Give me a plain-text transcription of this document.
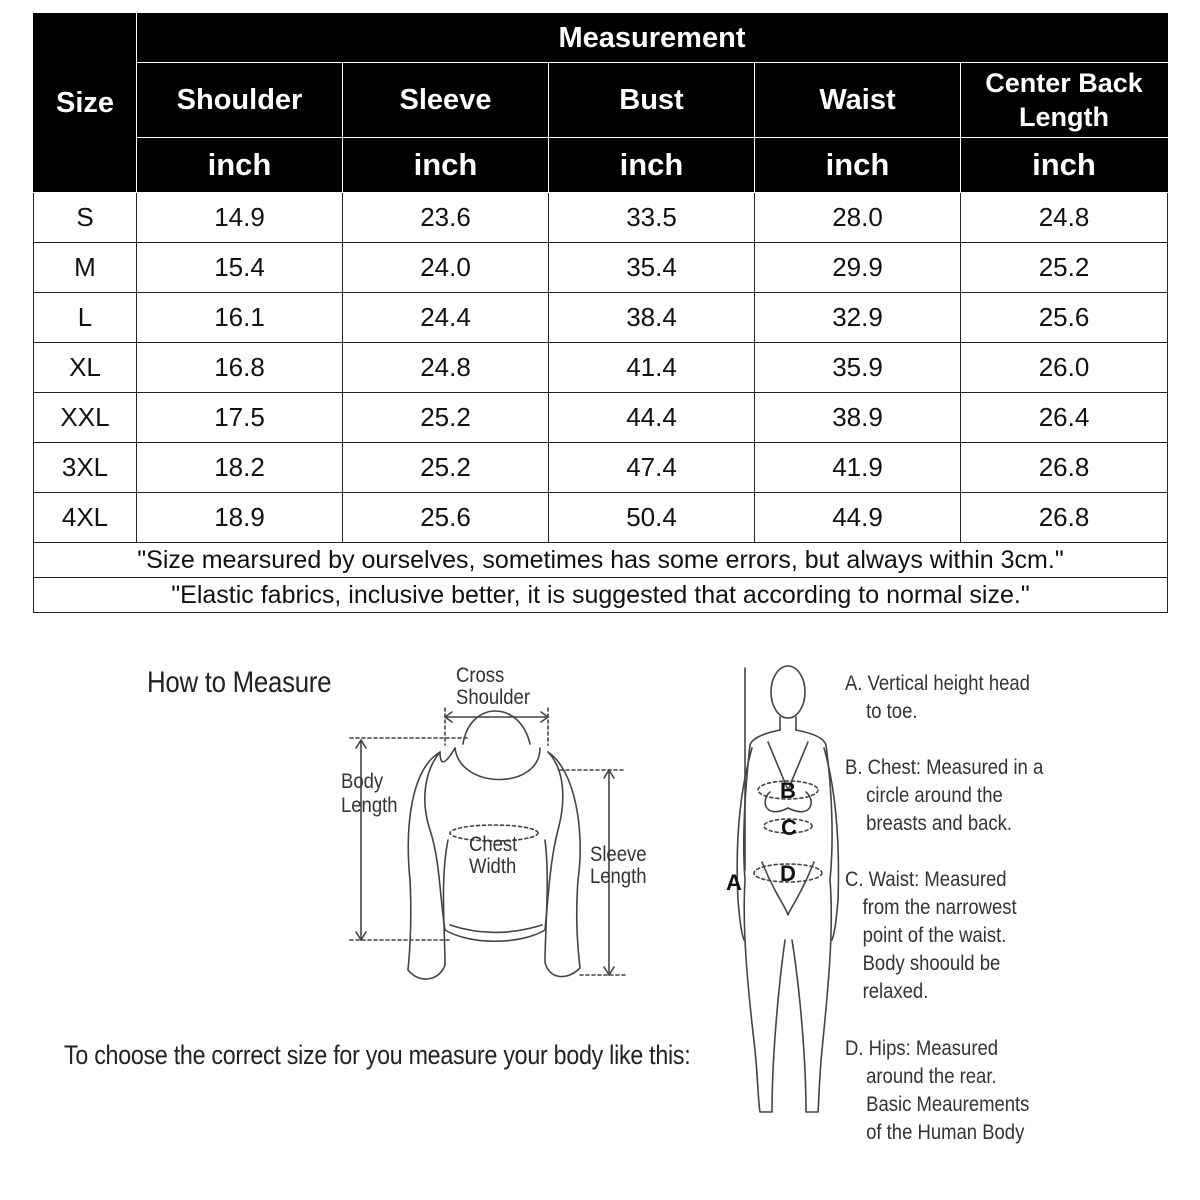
Size	Measurement				
	Shoulder	Sleeve	Bust	Waist	Center Back Length
	inch	inch	inch	inch	inch
S	14.9	23.6	33.5	28.0	24.8
M	15.4	24.0	35.4	29.9	25.2
L	16.1	24.4	38.4	32.9	25.6
XL	16.8	24.8	41.4	35.9	26.0
XXL	17.5	25.2	44.4	38.9	26.4
3XL	18.2	25.2	47.4	41.9	26.8
4XL	18.9	25.6	50.4	44.9	26.8
"Size mearsured by ourselves, sometimes has some errors, but always within 3cm."					
"Elastic fabrics, inclusive better, it is suggested that according to normal size."					
How to Measure
To choose the correct size for you measure your body like this:
Cross
Shoulder
Body
Length
Chest
Width
Sleeve
Length	A
B
C
D
A. Vertical height head
to toe.
B. Chest: Measured in a
circle around the
breasts and back.
C. Waist: Measured
from the narrowest
point of the waist.
Body shoould be
relaxed.
D. Hips: Measured
around the rear.
Basic Meaurements
of the Human Body
